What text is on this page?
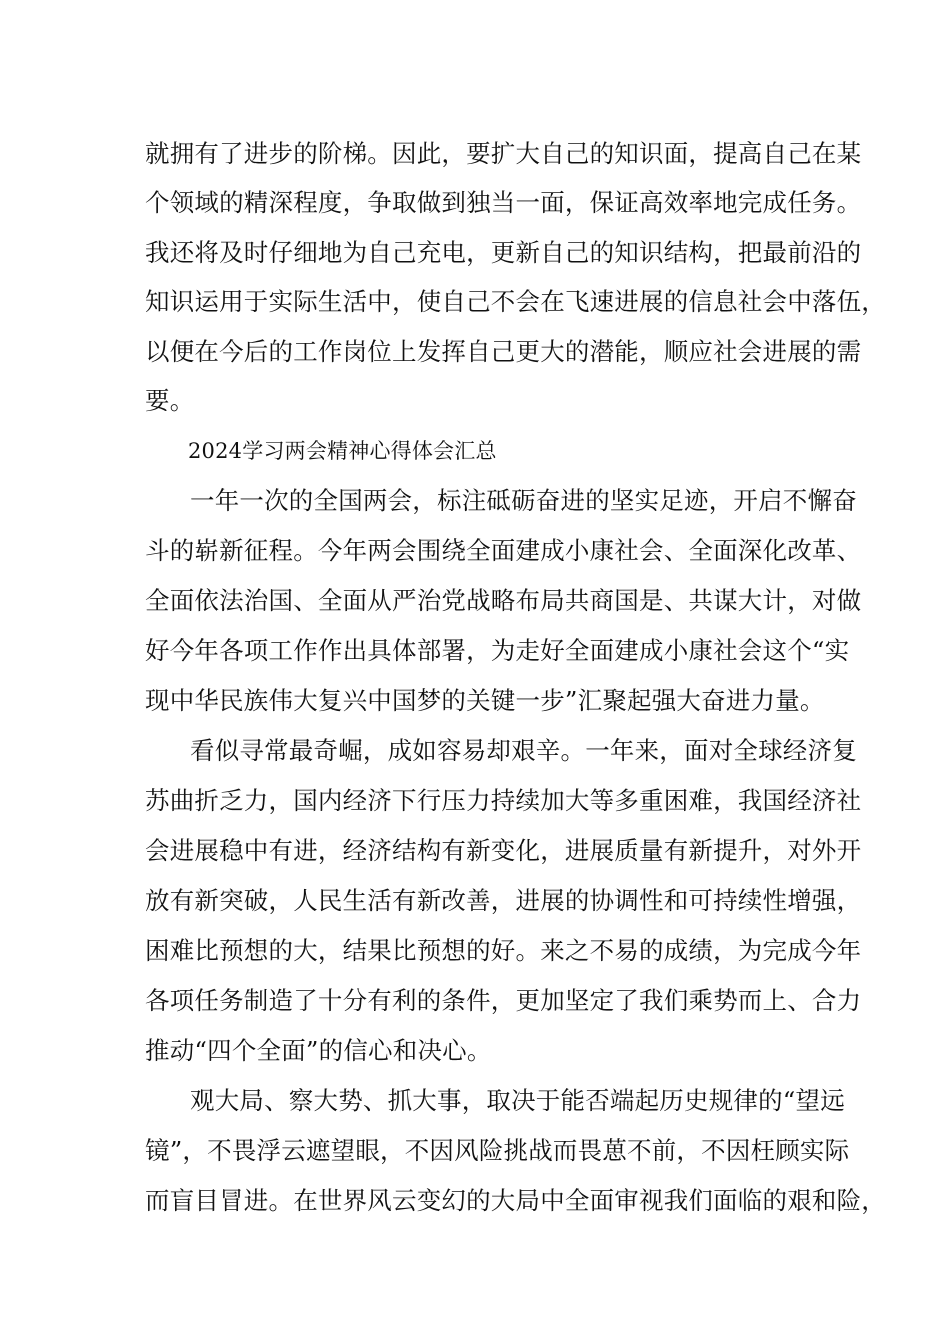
就拥有了进步的阶梯。因此，要扩大自己的知识面，提高自己在某
个领域的精深程度，争取做到独当一面，保证高效率地完成任务。
我还将及时仔细地为自己充电，更新自己的知识结构，把最前沿的
知识运用于实际生活中，使自己不会在飞速进展的信息社会中落伍，
以便在今后的工作岗位上发挥自己更大的潜能，顺应社会进展的需
要。
2024学习两会精神心得体会汇总
一年一次的全国两会，标注砥砺奋进的坚实足迹，开启不懈奋
斗的崭新征程。今年两会围绕全面建成小康社会、全面深化改革、
全面依法治国、全面从严治党战略布局共商国是、共谋大计，对做
好今年各项工作作出具体部署，为走好全面建成小康社会这个“实
现中华民族伟大复兴中国梦的关键一步”汇聚起强大奋进力量。
看似寻常最奇崛，成如容易却艰辛。一年来，面对全球经济复
苏曲折乏力，国内经济下行压力持续加大等多重困难，我国经济社
会进展稳中有进，经济结构有新变化，进展质量有新提升，对外开
放有新突破，人民生活有新改善，进展的协调性和可持续性增强，
困难比预想的大，结果比预想的好。来之不易的成绩，为完成今年
各项任务制造了十分有利的条件，更加坚定了我们乘势而上、合力
推动“四个全面”的信心和决心。
观大局、察大势、抓大事，取决于能否端起历史规律的“望远
镜”，不畏浮云遮望眼，不因风险挑战而畏葸不前，不因枉顾实际
而盲目冒进。在世界风云变幻的大局中全面审视我们面临的艰和险，
